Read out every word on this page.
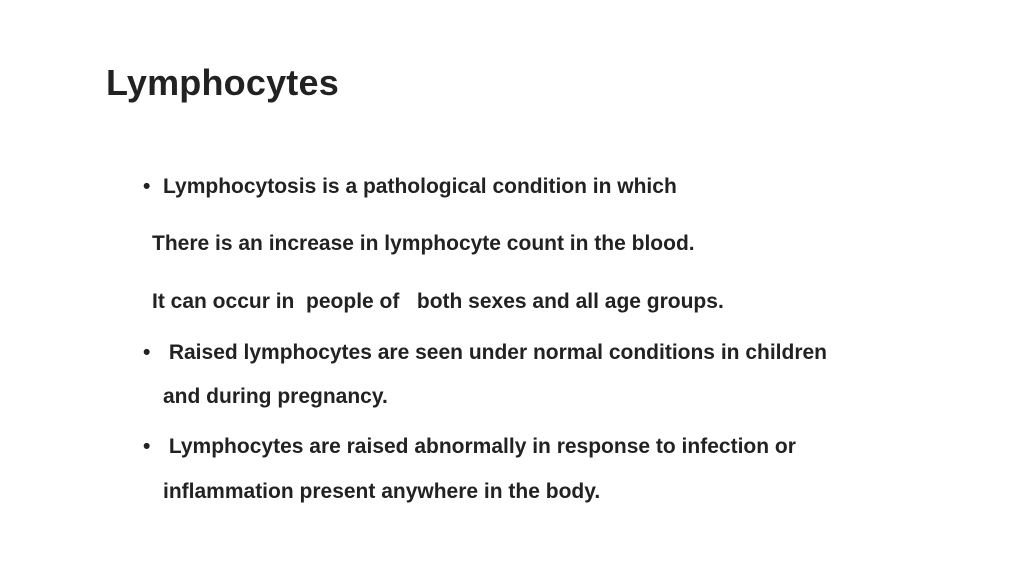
Lymphocytes
• Lymphocytosis is a pathological condition in which
There is an increase in lymphocyte count in the blood.
It can occur in  people of   both sexes and all age groups.
• Raised lymphocytes are seen under normal conditions in children
and during pregnancy.
• Lymphocytes are raised abnormally in response to infection or
inflammation present anywhere in the body.
